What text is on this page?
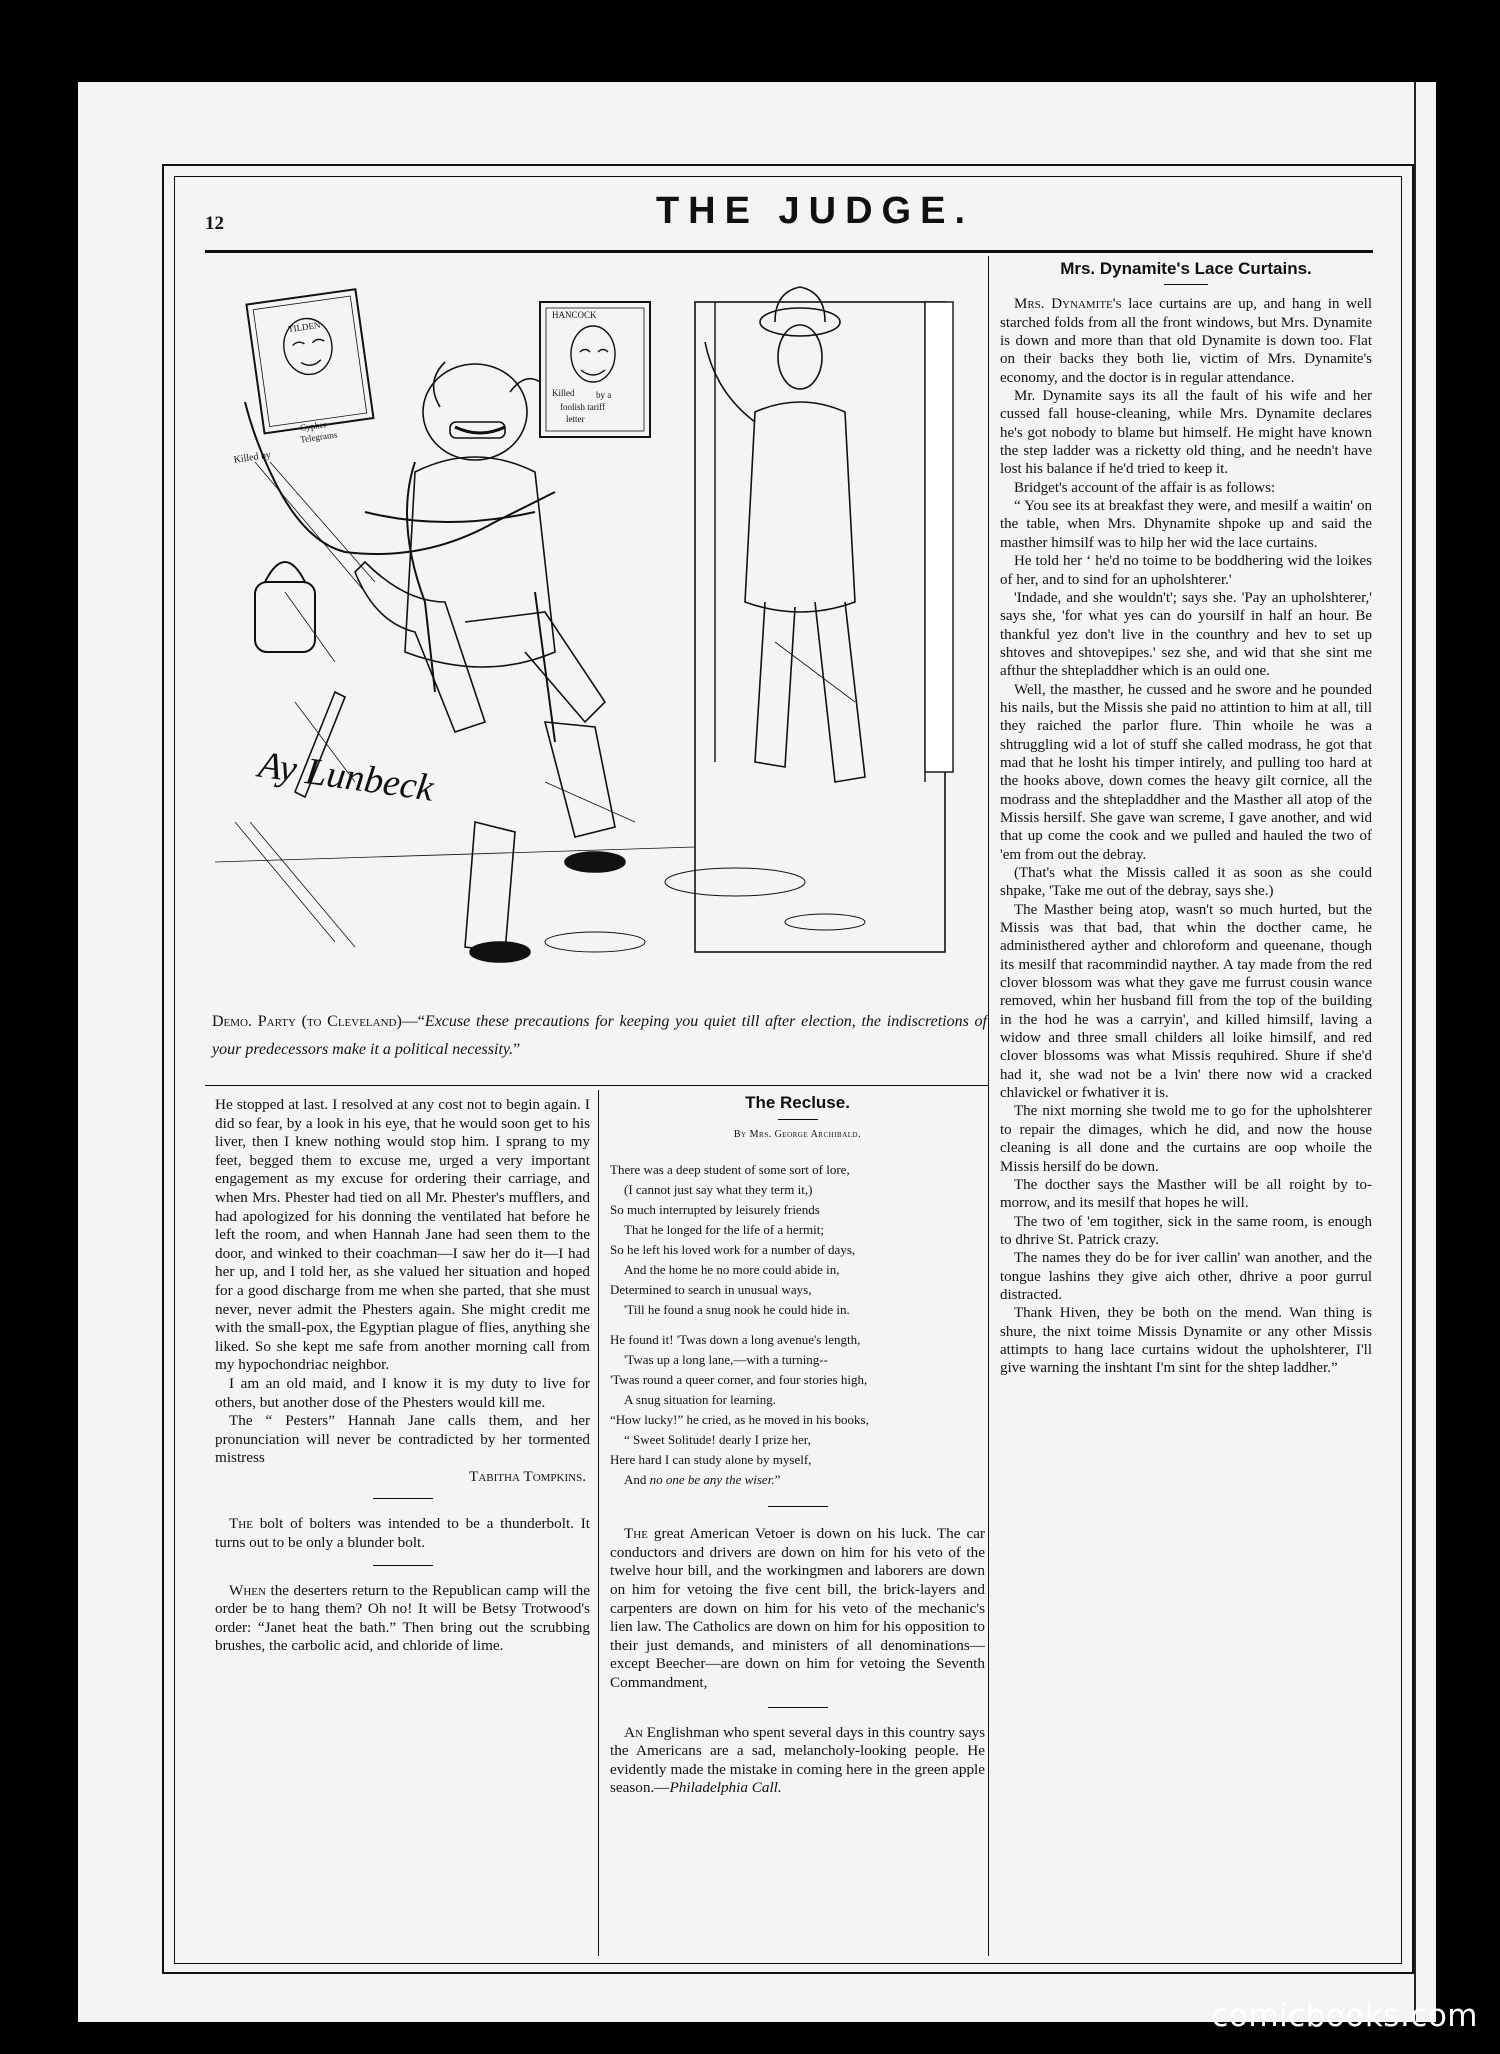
12	THE JUDGE.
Killed by
Ay Lunbeck
TILDEN
Telegrams
Cypher
HANCOCK
Killed by a
foolish tariff
letter
Demo. Party (to Cleveland)—“Excuse these precautions for keeping you quiet till after election, the indiscretions of your predecessors make it a political necessity.”

He stopped at last. I resolved at any cost not to begin again. I did so fear, by a look in his eye, that he would soon get to his liver, then I knew nothing would stop him. I sprang to my feet, begged them to excuse me, urged a very important engagement as my excuse for ordering their carriage, and when Mrs. Phester had tied on all Mr. Phester's mufflers, and had apologized for his donning the ventilated hat before he left the room, and when Hannah Jane had seen them to the door, and winked to their coachman—I saw her do it—I had her up, and I told her, as she valued her situation and hoped for a good discharge from me when she parted, that she must never, never admit the Phesters again. She might credit me with the small-pox, the Egyptian plague of flies, anything she liked. So she kept me safe from another morning call from my hypochondriac neighbor.

I am an old maid, and I know it is my duty to live for others, but another dose of the Phesters would kill me.

The “ Pesters” Hannah Jane calls them, and her pronunciation will never be contradicted by her tormented mistress

Tabitha Tompkins.

The bolt of bolters was intended to be a thunderbolt. It turns out to be only a blunder bolt.

When the deserters return to the Republican camp will the order be to hang them? Oh no! It will be Betsy Trotwood's order: “Janet heat the bath.” Then bring out the scrubbing brushes, the carbolic acid, and chloride of lime.

The Recluse.
By Mrs. George Archibald.

There was a deep student of some sort of lore,

(I cannot just say what they term it,)

So much interrupted by leisurely friends

That he longed for the life of a hermit;

So he left his loved work for a number of days,

And the home he no more could abide in,

Determined to search in unusual ways,

'Till he found a snug nook he could hide in.

He found it! 'Twas down a long avenue's length,

'Twas up a long lane,—with a turning--

'Twas round a queer corner, and four stories high,

A snug situation for learning.

“How lucky!” he cried, as he moved in his books,

“ Sweet Solitude! dearly I prize her,

Here hard I can study alone by myself,

And no one be any the wiser.”

The great American Vetoer is down on his luck. The car conductors and drivers are down on him for his veto of the twelve hour bill, and the workingmen and laborers are down on him for vetoing the five cent bill, the brick-layers and carpenters are down on him for his veto of the mechanic's lien law. The Catholics are down on him for his opposition to their just demands, and ministers of all denominations—except Beecher—are down on him for vetoing the Seventh Commandment,

An Englishman who spent several days in this country says the Americans are a sad, melancholy-looking people. He evidently made the mistake in coming here in the green apple season.—Philadelphia Call.

Mrs. Dynamite's Lace Curtains.

Mrs. Dynamite's lace curtains are up, and hang in well starched folds from all the front windows, but Mrs. Dynamite is down and more than that old Dynamite is down too. Flat on their backs they both lie, victim of Mrs. Dynamite's economy, and the doctor is in regular attendance.

Mr. Dynamite says its all the fault of his wife and her cussed fall house-cleaning, while Mrs. Dynamite declares he's got nobody to blame but himself. He might have known the step ladder was a ricketty old thing, and he needn't have lost his balance if he'd tried to keep it.

Bridget's account of the affair is as follows:

“ You see its at breakfast they were, and mesilf a waitin' on the table, when Mrs. Dhynamite shpoke up and said the masther himsilf was to hilp her wid the lace curtains.

He told her ‘ he'd no toime to be boddhering wid the loikes of her, and to sind for an upholshterer.'

'Indade, and she wouldn't'; says she. 'Pay an upholshterer,' says she, 'for what yes can do yoursilf in half an hour. Be thankful yez don't live in the counthry and hev to set up shtoves and shtovepipes.' sez she, and wid that she sint me afthur the shtepladdher which is an ould one.

Well, the masther, he cussed and he swore and he pounded his nails, but the Missis she paid no attintion to him at all, till they raiched the parlor flure. Thin whoile he was a shtruggling wid a lot of stuff she called modrass, he got that mad that he losht his timper intirely, and pulling too hard at the hooks above, down comes the heavy gilt cornice, all the modrass and the shtepladdher and the Masther all atop of the Missis hersilf. She gave wan screme, I gave another, and wid that up come the cook and we pulled and hauled the two of 'em from out the debray.

(That's what the Missis called it as soon as she could shpake, 'Take me out of the debray, says she.)

The Masther being atop, wasn't so much hurted, but the Missis was that bad, that whin the docther came, he administhered ayther and chloroform and queenane, though its mesilf that racommindid nayther. A tay made from the red clover blossom was what they gave me furrust cousin wance removed, whin her husband fill from the top of the building in the hod he was a carryin', and killed himsilf, laving a widow and three small childers all loike himsilf, and red clover blossoms was what Missis requhired. Shure if she'd had it, she wad not be a lvin' there now wid a cracked chlavickel or fwhativer it is.

The nixt morning she twold me to go for the upholshterer to repair the dimages, which he did, and now the house cleaning is all done and the curtains are oop whoile the Missis hersilf do be down.

The docther says the Masther will be all roight by to-morrow, and its mesilf that hopes he will.

The two of 'em togither, sick in the same room, is enough to dhrive St. Patrick crazy.

The names they do be for iver callin' wan another, and the tongue lashins they give aich other, dhrive a poor gurrul distracted.

Thank Hiven, they be both on the mend. Wan thing is shure, the nixt toime Missis Dynamite or any other Missis attimpts to hang lace curtains widout the upholshterer, I'll give warning the inshtant I'm sint for the shtep laddher.”

comicbooks.com
